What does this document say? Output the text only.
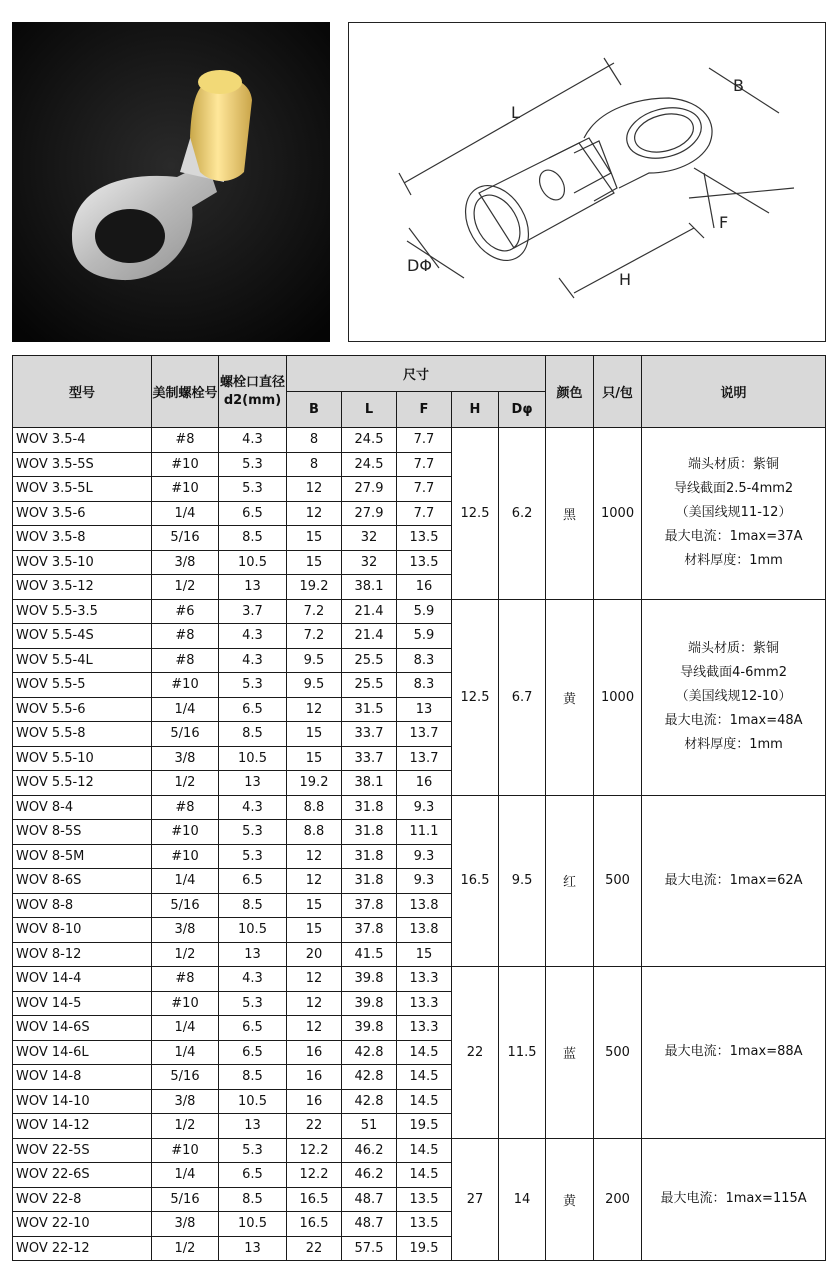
L
B
F
H
DΦ
型号	美制螺栓号	螺栓口直径
d2(mm)	尺寸					颜色	只/包	说明
			B	L	F	H	Dφ			
WOV 3.5-4	#8	4.3	8	24.5	7.7	12.5	6.2	黑	1000	端头材质：紫铜
导线截面2.5-4mm2
（美国线规11-12）
最大电流：1max=37A
材料厚度：1mm

WOV 3.5-5S	#10	5.3	8	24.5	7.7					
WOV 3.5-5L	#10	5.3	12	27.9	7.7					
WOV 3.5-6	1/4	6.5	12	27.9	7.7					
WOV 3.5-8	5/16	8.5	15	32	13.5					
WOV 3.5-10	3/8	10.5	15	32	13.5					
WOV 3.5-12	1/2	13	19.2	38.1	16					
WOV 5.5-3.5	#6	3.7	7.2	21.4	5.9	12.5	6.7	黄	1000	端头材质：紫铜
导线截面4-6mm2
（美国线规12-10）
最大电流：1max=48A
材料厚度：1mm

WOV 5.5-4S	#8	4.3	7.2	21.4	5.9					
WOV 5.5-4L	#8	4.3	9.5	25.5	8.3					
WOV 5.5-5	#10	5.3	9.5	25.5	8.3					
WOV 5.5-6	1/4	6.5	12	31.5	13					
WOV 5.5-8	5/16	8.5	15	33.7	13.7					
WOV 5.5-10	3/8	10.5	15	33.7	13.7					
WOV 5.5-12	1/2	13	19.2	38.1	16					
WOV 8-4	#8	4.3	8.8	31.8	9.3	16.5	9.5	红	500	最大电流：1max=62A

WOV 8-5S	#10	5.3	8.8	31.8	11.1					
WOV 8-5M	#10	5.3	12	31.8	9.3					
WOV 8-6S	1/4	6.5	12	31.8	9.3					
WOV 8-8	5/16	8.5	15	37.8	13.8					
WOV 8-10	3/8	10.5	15	37.8	13.8					
WOV 8-12	1/2	13	20	41.5	15					
WOV 14-4	#8	4.3	12	39.8	13.3	22	11.5	蓝	500	最大电流：1max=88A

WOV 14-5	#10	5.3	12	39.8	13.3					
WOV 14-6S	1/4	6.5	12	39.8	13.3					
WOV 14-6L	1/4	6.5	16	42.8	14.5					
WOV 14-8	5/16	8.5	16	42.8	14.5					
WOV 14-10	3/8	10.5	16	42.8	14.5					
WOV 14-12	1/2	13	22	51	19.5					
WOV 22-5S	#10	5.3	12.2	46.2	14.5	27	14	黄	200	最大电流：1max=115A

WOV 22-6S	1/4	6.5	12.2	46.2	14.5					
WOV 22-8	5/16	8.5	16.5	48.7	13.5					
WOV 22-10	3/8	10.5	16.5	48.7	13.5					
WOV 22-12	1/2	13	22	57.5	19.5					
